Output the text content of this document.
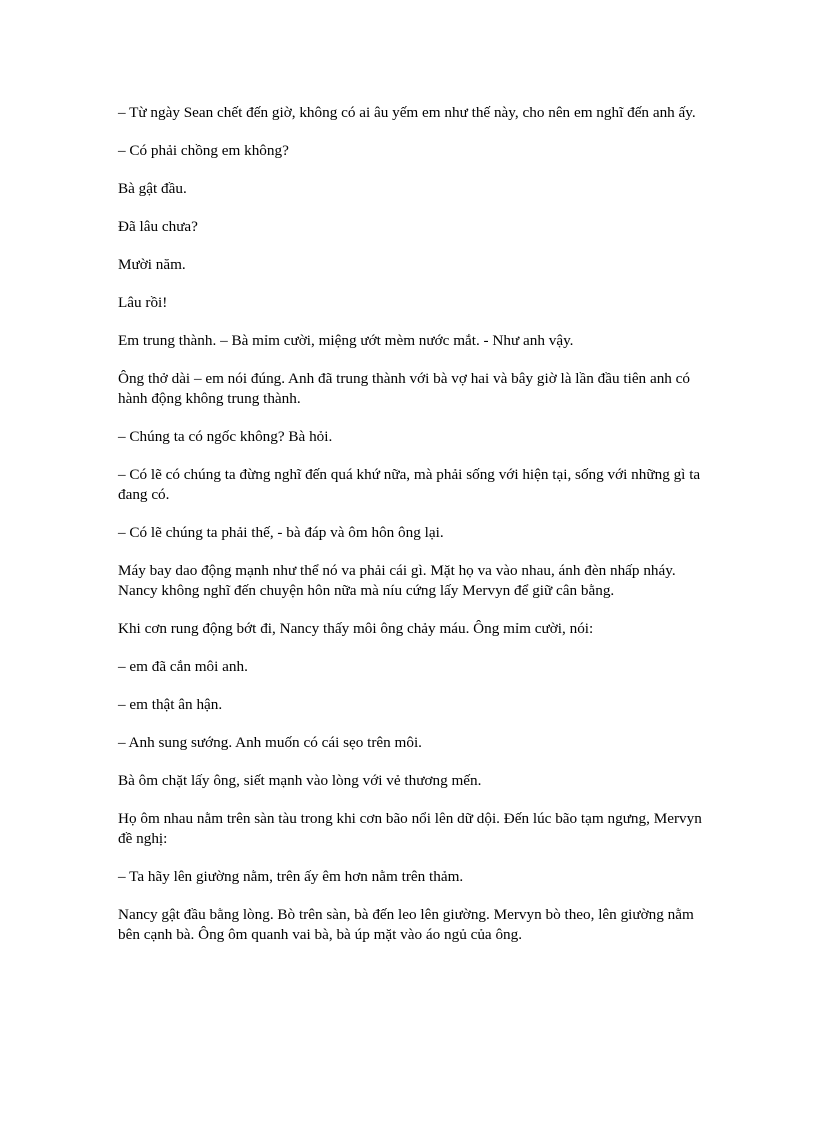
– Từ ngày Sean chết đến giờ, không có ai âu yếm em như thế này, cho nên em nghĩ đến anh ấy.

– Có phải chồng em không?

Bà gật đầu.

Đã lâu chưa?

Mười năm.

Lâu rồi!

Em trung thành. – Bà mỉm cười, miệng ướt mèm nước mắt. - Như anh vậy.

Ông thở dài – em nói đúng. Anh đã trung thành với bà vợ hai và bây giờ là lần đầu tiên anh có hành động không trung thành.

– Chúng ta có ngốc không? Bà hỏi.

– Có lẽ có chúng ta đừng nghĩ đến quá khứ nữa, mà phải sống với hiện tại, sống với những gì ta đang có.

– Có lẽ chúng ta phải thế, - bà đáp và ôm hôn ông lại.

Máy bay dao động mạnh như thể nó va phải cái gì. Mặt họ va vào nhau, ánh đèn nhấp nháy. Nancy không nghĩ đến chuyện hôn nữa mà níu cứng lấy Mervyn để giữ cân bằng.

Khi cơn rung động bớt đi, Nancy thấy môi ông chảy máu. Ông mỉm cười, nói:

– em đã cắn môi anh.

– em thật ân hận.

– Anh sung sướng. Anh muốn có cái sẹo trên môi.

Bà ôm chặt lấy ông, siết mạnh vào lòng với vẻ thương mến.

Họ ôm nhau nằm trên sàn tàu trong khi cơn bão nổi lên dữ dội. Đến lúc bão tạm ngưng, Mervyn đề nghị:

– Ta hãy lên giường nằm, trên ấy êm hơn nằm trên thảm.

Nancy gật đầu bằng lòng. Bò trên sàn, bà đến leo lên giường. Mervyn bò theo, lên giường nằm bên cạnh bà. Ông ôm quanh vai bà, bà úp mặt vào áo ngủ của ông.
